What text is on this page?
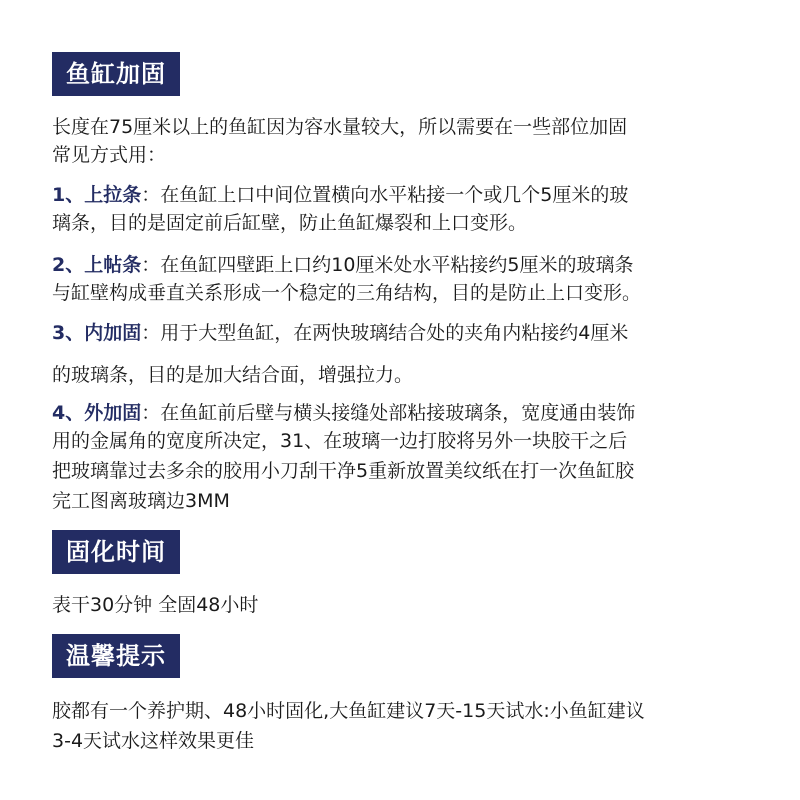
鱼缸加固
长度在75厘米以上的鱼缸因为容水量较大，所以需要在一些部位加固
常见方式用：
1、上拉条：在鱼缸上口中间位置横向水平粘接一个或几个5厘米的玻
璃条，目的是固定前后缸壁，防止鱼缸爆裂和上口变形。
2、上帖条：在鱼缸四壁距上口约10厘米处水平粘接约5厘米的玻璃条
与缸壁构成垂直关系形成一个稳定的三角结构，目的是防止上口变形。
3、内加固：用于大型鱼缸，在两快玻璃结合处的夹角内粘接约4厘米
的玻璃条，目的是加大结合面，增强拉力。
4、外加固：在鱼缸前后壁与横头接缝处部粘接玻璃条，宽度通由装饰
用的金属角的宽度所决定，31、在玻璃一边打胶将另外一块胶干之后
把玻璃靠过去多余的胶用小刀刮干净5重新放置美纹纸在打一次鱼缸胶
完工图离玻璃边3MM
固化时间
表干30分钟 全固48小时
温馨提示
胶都有一个养护期、48小时固化,大鱼缸建议7天-15天试水:小鱼缸建议
3-4天试水这样效果更佳
